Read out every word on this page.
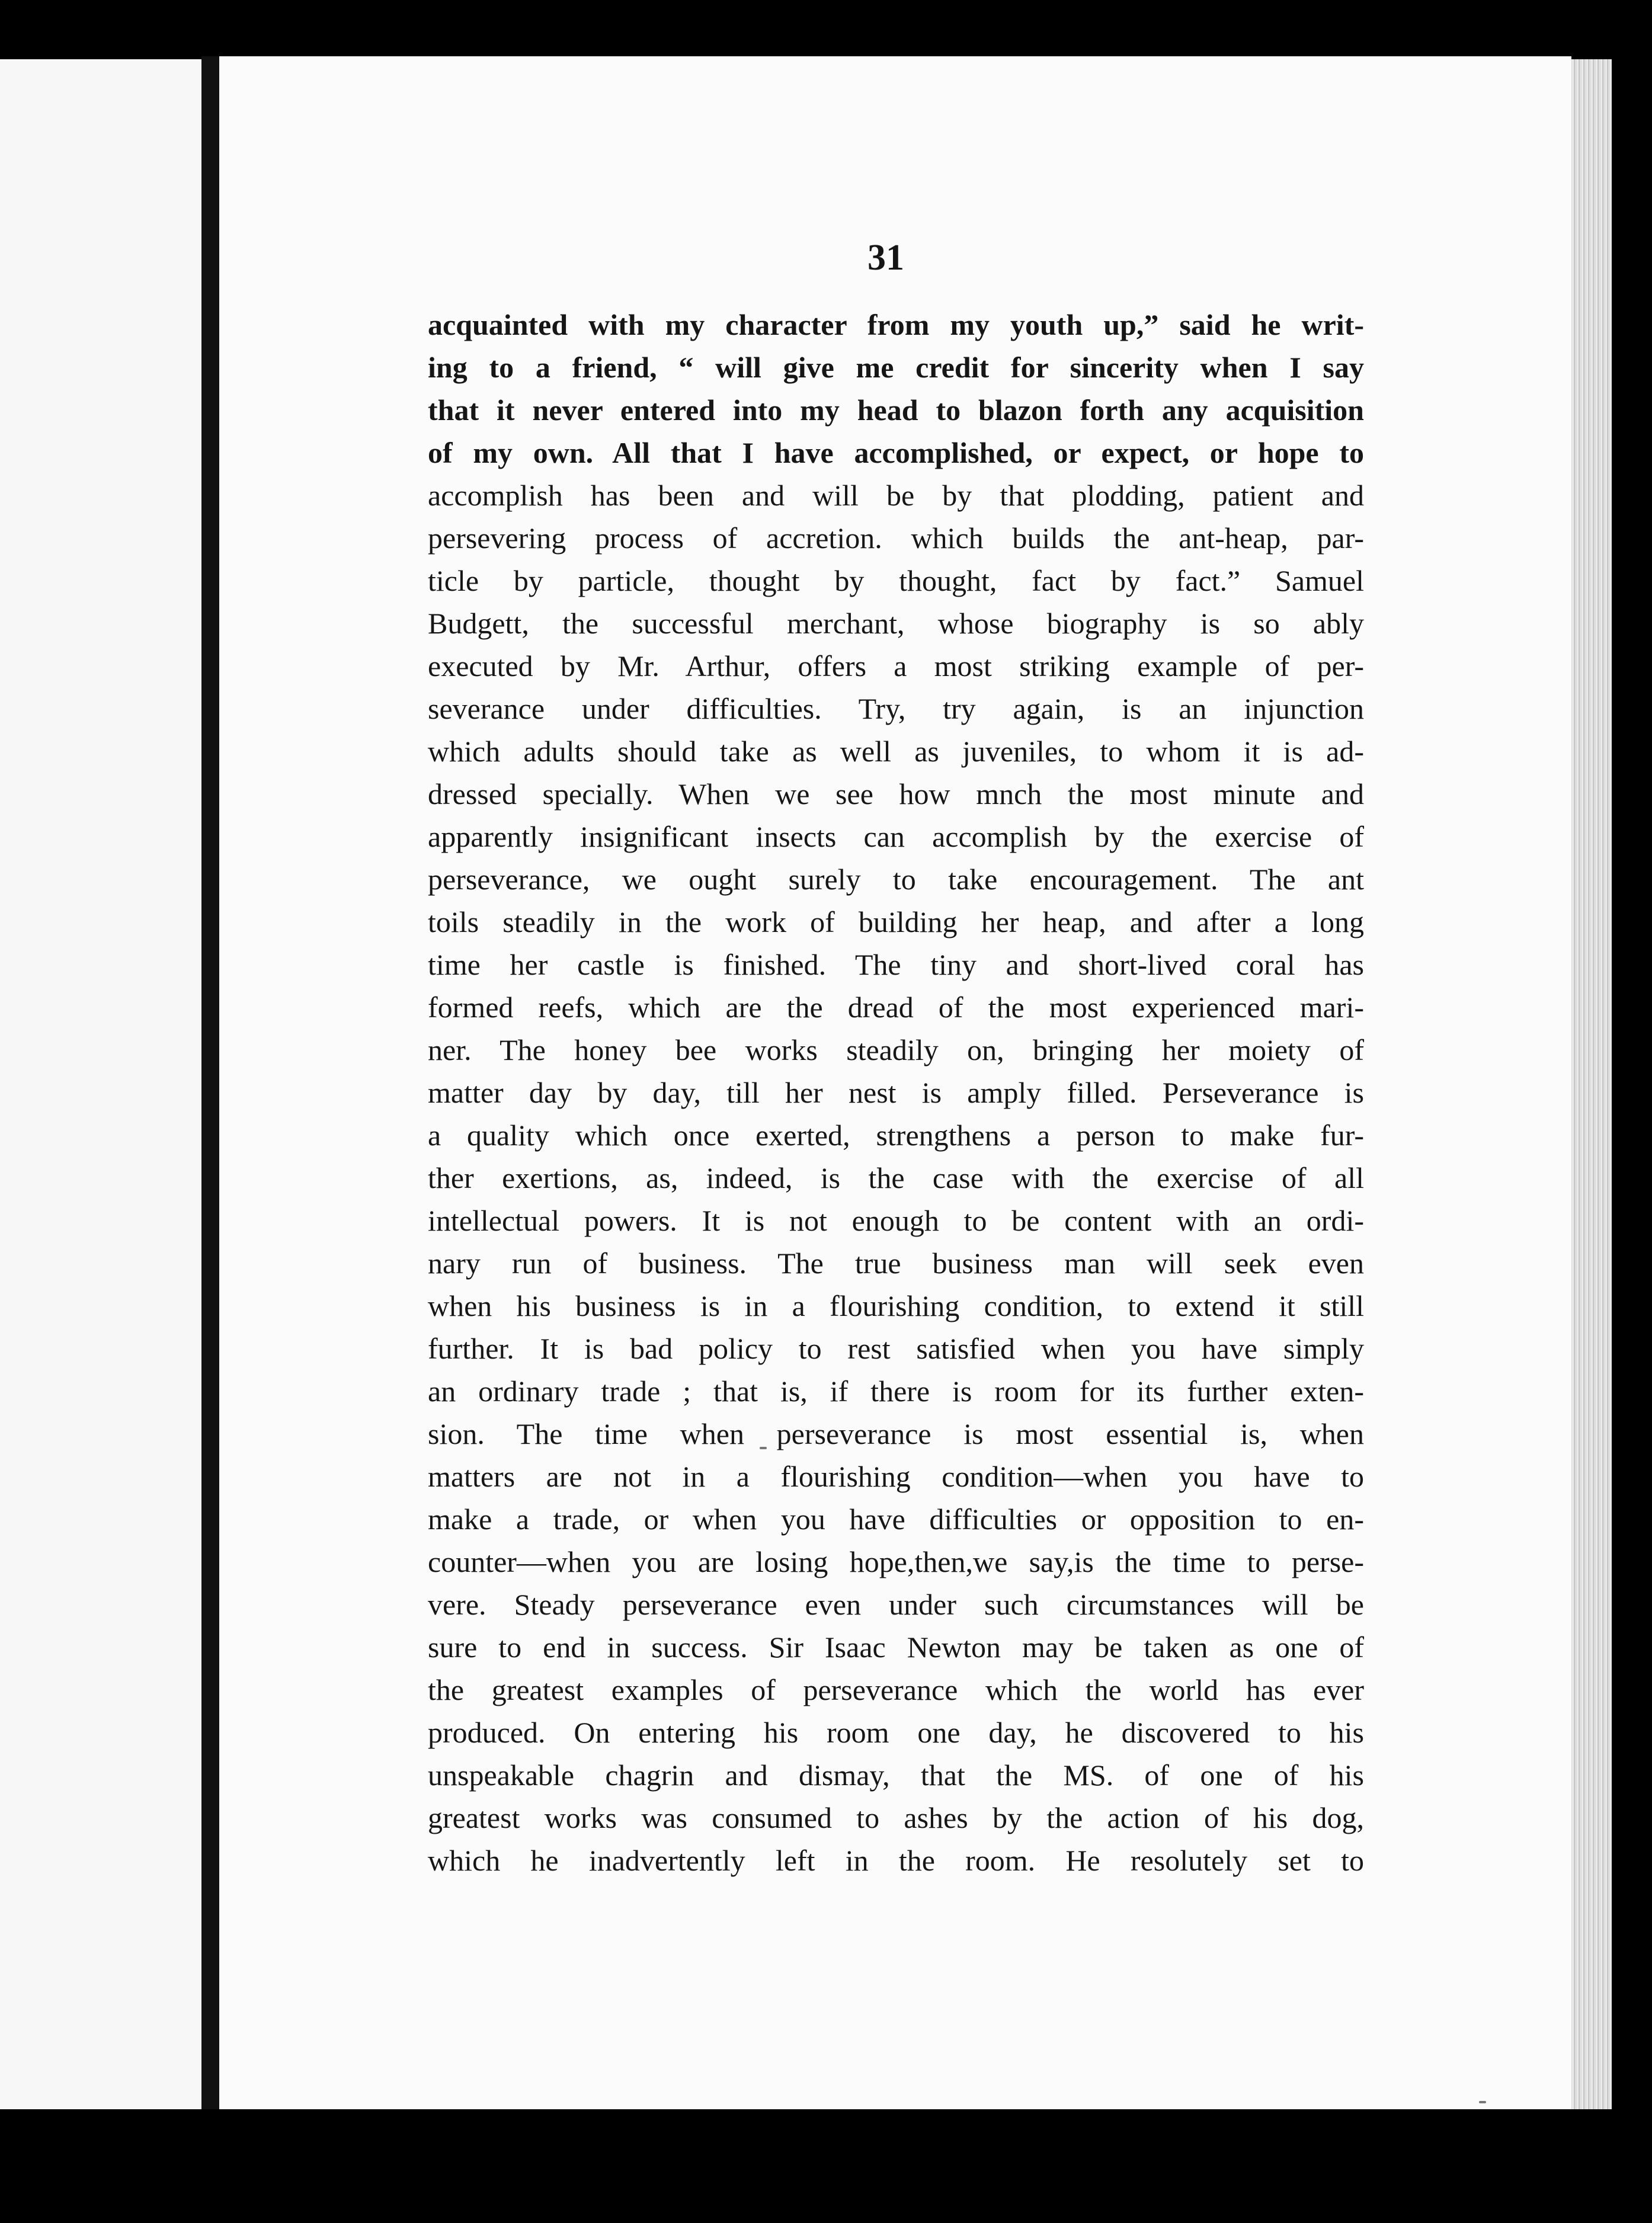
31
acquainted with my character from my youth up,” said he writ-
ing to a friend, “ will give me credit for sincerity when I say
that it never entered into my head to blazon forth any acquisition
of my own. All that I have accomplished, or expect, or hope to
accomplish has been and will be by that plodding, patient and
persevering process of accretion. which builds the ant-heap, par-
ticle by particle, thought by thought, fact by fact.” Samuel
Budgett, the successful merchant, whose biography is so ably
executed by Mr. Arthur, offers a most striking example of per-
severance under difficulties. Try, try again, is an injunction
which adults should take as well as juveniles, to whom it is ad-
dressed specially. When we see how mnch the most minute and
apparently insignificant insects can accomplish by the exercise of
perseverance, we ought surely to take encouragement. The ant
toils steadily in the work of building her heap, and after a long
time her castle is finished. The tiny and short-lived coral has
formed reefs, which are the dread of the most experienced mari-
ner. The honey bee works steadily on, bringing her moiety of
matter day by day, till her nest is amply filled. Perseverance is
a quality which once exerted, strengthens a person to make fur-
ther exertions, as, indeed, is the case with the exercise of all
intellectual powers. It is not enough to be content with an ordi-
nary run of business. The true business man will seek even
when his business is in a flourishing condition, to extend it still
further. It is bad policy to rest satisfied when you have simply
an ordinary trade ; that is, if there is room for its further exten-
sion. The time when perseverance is most essential is, when
matters are not in a flourishing condition—when you have to
make a trade, or when you have difficulties or opposition to en-
counter—when you are losing hope,then,we say,is the time to perse-
vere. Steady perseverance even under such circumstances will be
sure to end in success. Sir Isaac Newton may be taken as one of
the greatest examples of perseverance which the world has ever
produced. On entering his room one day, he discovered to his
unspeakable chagrin and dismay, that the MS. of one of his
greatest works was consumed to ashes by the action of his dog,
which he inadvertently left in the room. He resolutely set to
